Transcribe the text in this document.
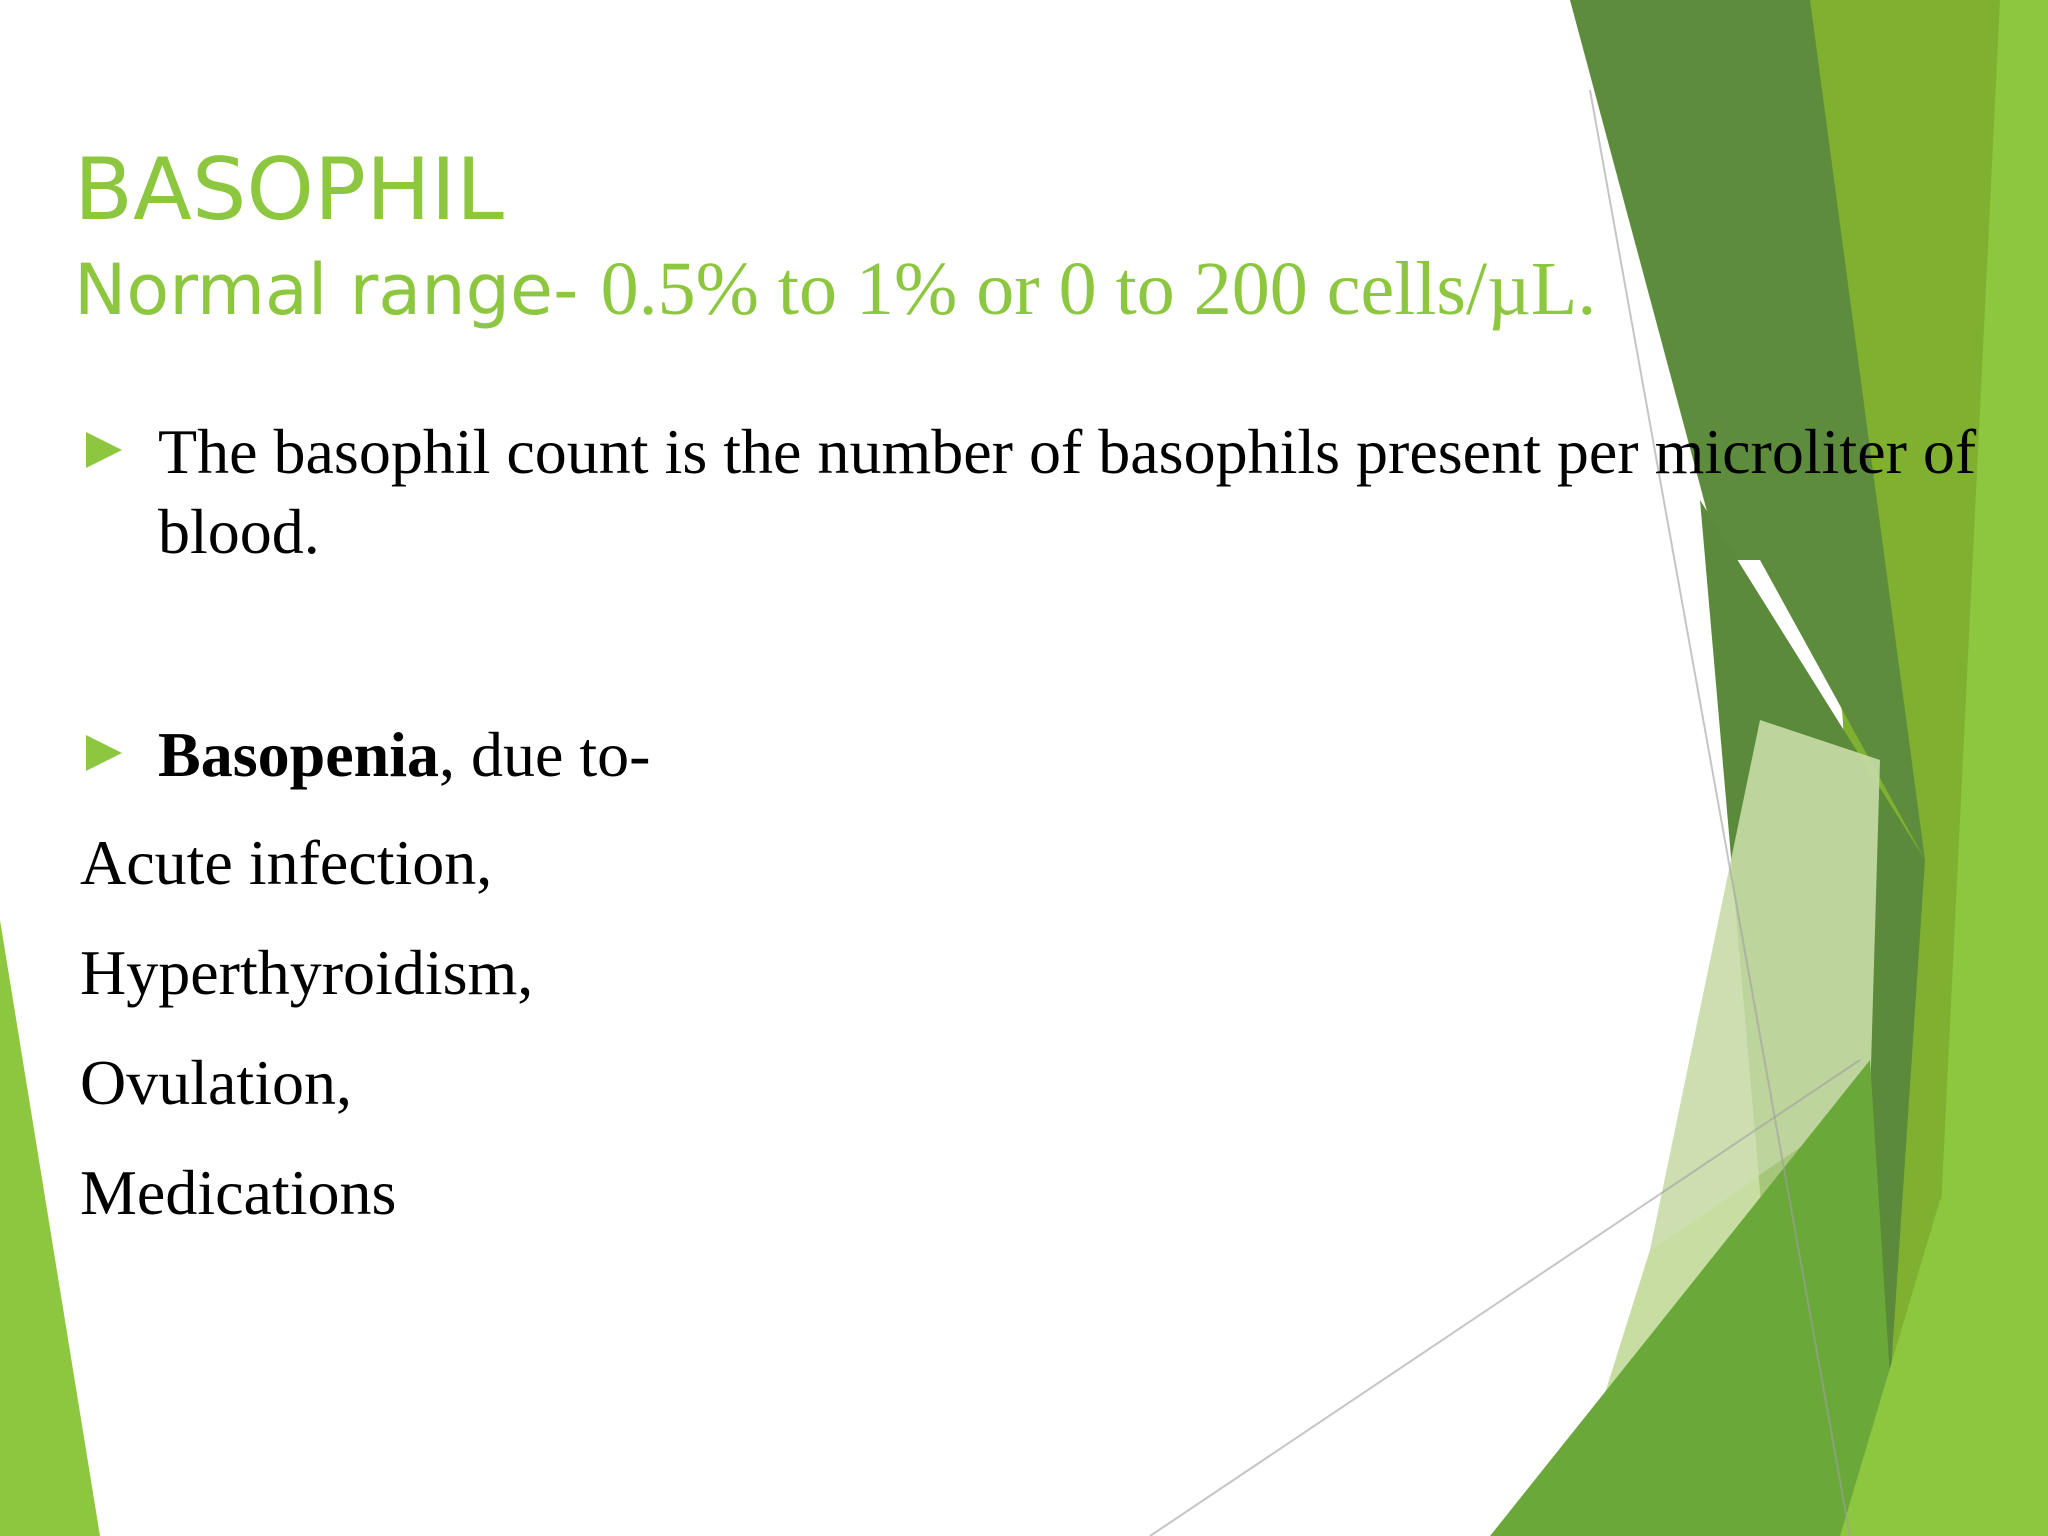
BASOPHIL
Normal range- 0.5% to 1% or 0 to 200 cells/µL.
The basophil count is the number of basophils present per microliter of blood.
Basopenia, due to-
Acute infection,
Hyperthyroidism,
Ovulation,
Medications
